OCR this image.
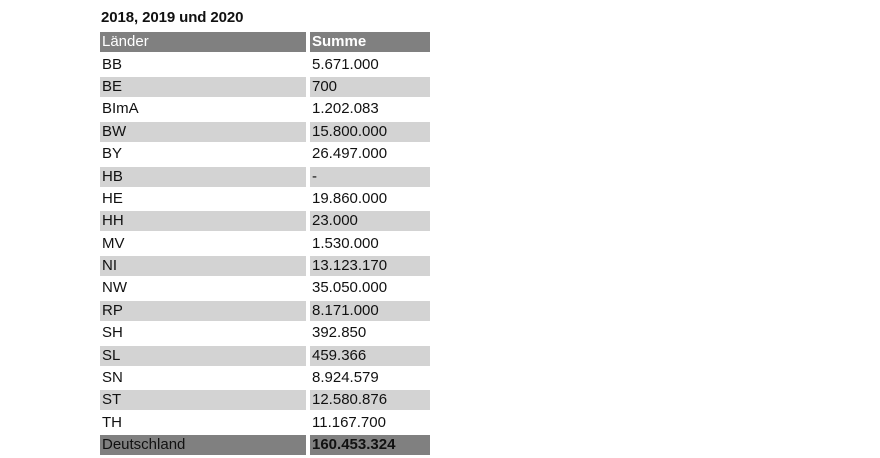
2018, 2019 und 2020
Länder	Summe
BB	5.671.000
BE	700
BImA	1.202.083
BW	15.800.000
BY	26.497.000
HB	-
HE	19.860.000
HH	23.000
MV	1.530.000
NI	13.123.170
NW	35.050.000
RP	8.171.000
SH	392.850
SL	459.366
SN	8.924.579
ST	12.580.876
TH	11.167.700
Deutschland	160.453.324
